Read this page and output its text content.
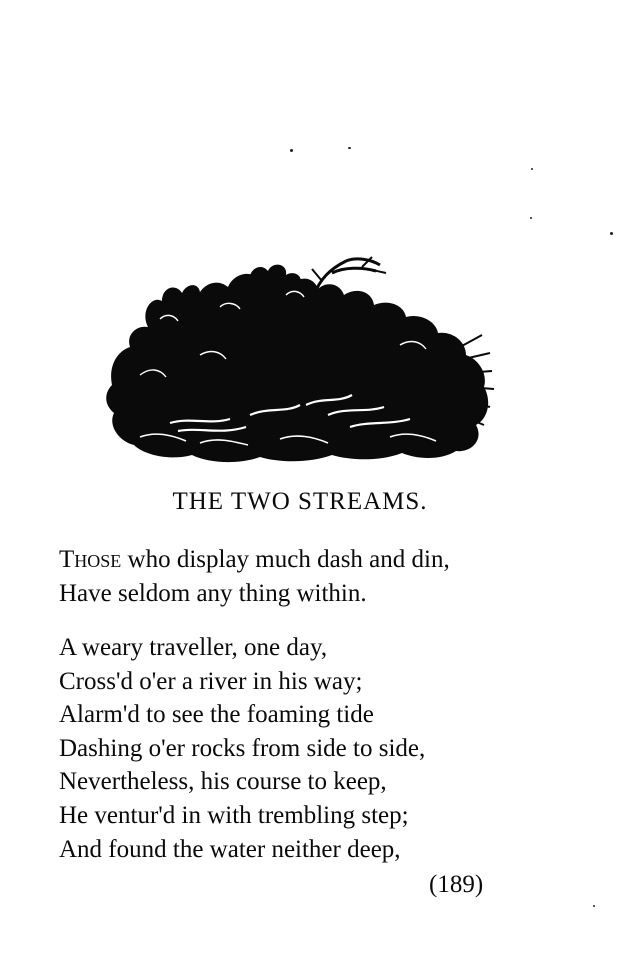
THE TWO STREAMS.
Those who display much dash and din,
Have seldom any thing within.
A weary traveller, one day,
Cross'd o'er a river in his way;
Alarm'd to see the foaming tide
Dashing o'er rocks from side to side,
Nevertheless, his course to keep,
He ventur'd in with trembling step;
And found the water neither deep,
(189)
